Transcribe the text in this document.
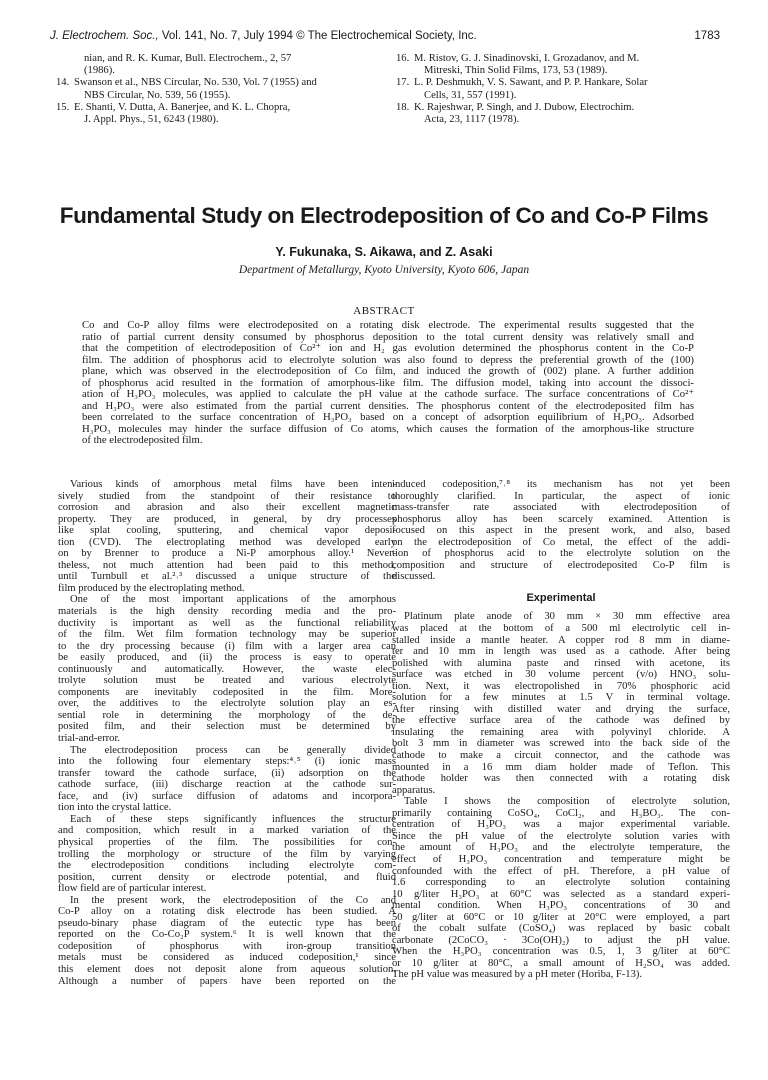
J. Electrochem. Soc., Vol. 141, No. 7, July 1994 © The Electrochemical Society, Inc.	1783
nian, and R. K. Kumar, Bull. Electrochem., 2, 57
(1986).
14. Swanson et al., NBS Circular, No. 530, Vol. 7 (1955) and
NBS Circular, No. 539, 56 (1955).
15. E. Shanti, V. Dutta, A. Banerjee, and K. L. Chopra,
J. Appl. Phys., 51, 6243 (1980).
16. M. Ristov, G. J. Sinadinovski, I. Grozadanov, and M.
Mitreski, Thin Solid Films, 173, 53 (1989).
17. L. P. Deshmukh, V. S. Sawant, and P. P. Hankare, Solar
Cells, 31, 557 (1991).
18. K. Rajeshwar, P. Singh, and J. Dubow, Electrochim.
Acta, 23, 1117 (1978).
Fundamental Study on Electrodeposition of Co and Co-P Films
Y. Fukunaka, S. Aikawa, and Z. Asaki
Department of Metallurgy, Kyoto University, Kyoto 606, Japan
ABSTRACT
Co and Co-P alloy films were electrodeposited on a rotating disk electrode. The experimental results suggested that the
ratio of partial current density consumed by phosphorus deposition to the total current density was relatively small and
that the competition of electrodeposition of Co²⁺ ion and H₂ gas evolution determined the phosphorus content in the Co-P
film. The addition of phosphorus acid to electrolyte solution was also found to depress the preferential growth of the (100)
plane, which was observed in the electrodeposition of Co film, and induced the growth of (002) plane. A further addition
of phosphorus acid resulted in the formation of amorphous-like film. The diffusion model, taking into account the dissoci-
ation of H₃PO₃ molecules, was applied to calculate the pH value at the cathode surface. The surface concentrations of Co²⁺
and H₃PO₃ were also estimated from the partial current densities. The phosphorus content of the electrodeposited film has
been correlated to the surface concentration of H₃PO₃ based on a concept of adsorption equilibrium of H₃PO₃. Adsorbed
H₃PO₃ molecules may hinder the surface diffusion of Co atoms, which causes the formation of the amorphous-like structure
of the electrodeposited film.
Various kinds of amorphous metal films have been inten-
sively studied from the standpoint of their resistance to
corrosion and abrasion and also their excellent magnetic
property. They are produced, in general, by dry processes
like splat cooling, sputtering, and chemical vapor deposi-
tion (CVD). The electroplating method was developed early
on by Brenner to produce a Ni-P amorphous alloy.¹ Never-
theless, not much attention had been paid to this method,
until Turnbull et al.²˒³ discussed a unique structure of the
film produced by the electroplating method.
One of the most important applications of the amorphous
materials is the high density recording media and the pro-
ductivity is important as well as the functional reliability
of the film. Wet film formation technology may be superior
to the dry processing because (i) film with a larger area can
be easily produced, and (ii) the process is easy to operate
continuously and automatically. However, the waste elec-
trolyte solution must be treated and various electrolyte
components are inevitably codeposited in the film. More-
over, the additives to the electrolyte solution play an es-
sential role in determining the morphology of the de-
posited film, and their selection must be determined by
trial-and-error.
The electrodeposition process can be generally divided
into the following four elementary steps:⁴˒⁵ (i) ionic mass
transfer toward the cathode surface, (ii) adsorption on the
cathode surface, (iii) discharge reaction at the cathode sur-
face, and (iv) surface diffusion of adatoms and incorpora-
tion into the crystal lattice.
Each of these steps significantly influences the structure
and composition, which result in a marked variation of the
physical properties of the film. The possibilities for con-
trolling the morphology or structure of the film by varying
the electrodeposition conditions including electrolyte com-
position, current density or electrode potential, and fluid
flow field are of particular interest.
In the present work, the electrodeposition of the Co and
Co-P alloy on a rotating disk electrode has been studied. A
pseudo-binary phase diagram of the eutectic type has been
reported on the Co-Co₂P system.⁶ It is well known that the
codeposition of phosphorus with iron-group transition
metals must be considered as induced codeposition,¹ since
this element does not deposit alone from aqueous solution.
Although a number of papers have been reported on the
induced codeposition,⁷˒⁸ its mechanism has not yet been
thoroughly clarified. In particular, the aspect of ionic
mass-transfer rate associated with electrodeposition of
phosphorus alloy has been scarcely examined. Attention is
focused on this aspect in the present work, and also, based
on the electrodeposition of Co metal, the effect of the addi-
tion of phosphorus acid to the electrolyte solution on the
composition and structure of electrodeposited Co-P film is
discussed.
Experimental
Platinum plate anode of 30 mm × 30 mm effective area
was placed at the bottom of a 500 ml electrolytic cell in-
stalled inside a mantle heater. A copper rod 8 mm in diame-
ter and 10 mm in length was used as a cathode. After being
polished with alumina paste and rinsed with acetone, its
surface was etched in 30 volume percent (v/o) HNO₃ solu-
tion. Next, it was electropolished in 70% phosphoric acid
solution for a few minutes at 1.5 V in terminal voltage.
After rinsing with distilled water and drying the surface,
the effective surface area of the cathode was defined by
insulating the remaining area with polyvinyl chloride. A
bolt 3 mm in diameter was screwed into the back side of the
cathode to make a circuit connector, and the cathode was
mounted in a 16 mm diam holder made of Teflon. This
cathode holder was then connected with a rotating disk
apparatus.
Table I shows the composition of electrolyte solution,
primarily containing CoSO₄, CoCl₂, and H₃BO₃. The con-
centration of H₃PO₃ was a major experimental variable.
Since the pH value of the electrolyte solution varies with
the amount of H₃PO₃ and the electrolyte temperature, the
effect of H₃PO₃ concentration and temperature might be
confounded with the effect of pH. Therefore, a pH value of
1.6 corresponding to an electrolyte solution containing
10 g/liter H₃PO₃ at 60°C was selected as a standard experi-
mental condition. When H₃PO₃ concentrations of 30 and
50 g/liter at 60°C or 10 g/liter at 20°C were employed, a part
of the cobalt sulfate (CoSO₄) was replaced by basic cobalt
carbonate (2CoCO₃ · 3Co(OH)₂) to adjust the pH value.
When the H₃PO₃ concentration was 0.5, 1, 3 g/liter at 60°C
or 10 g/liter at 80°C, a small amount of H₂SO₄ was added.
The pH value was measured by a pH meter (Horiba, F-13).
